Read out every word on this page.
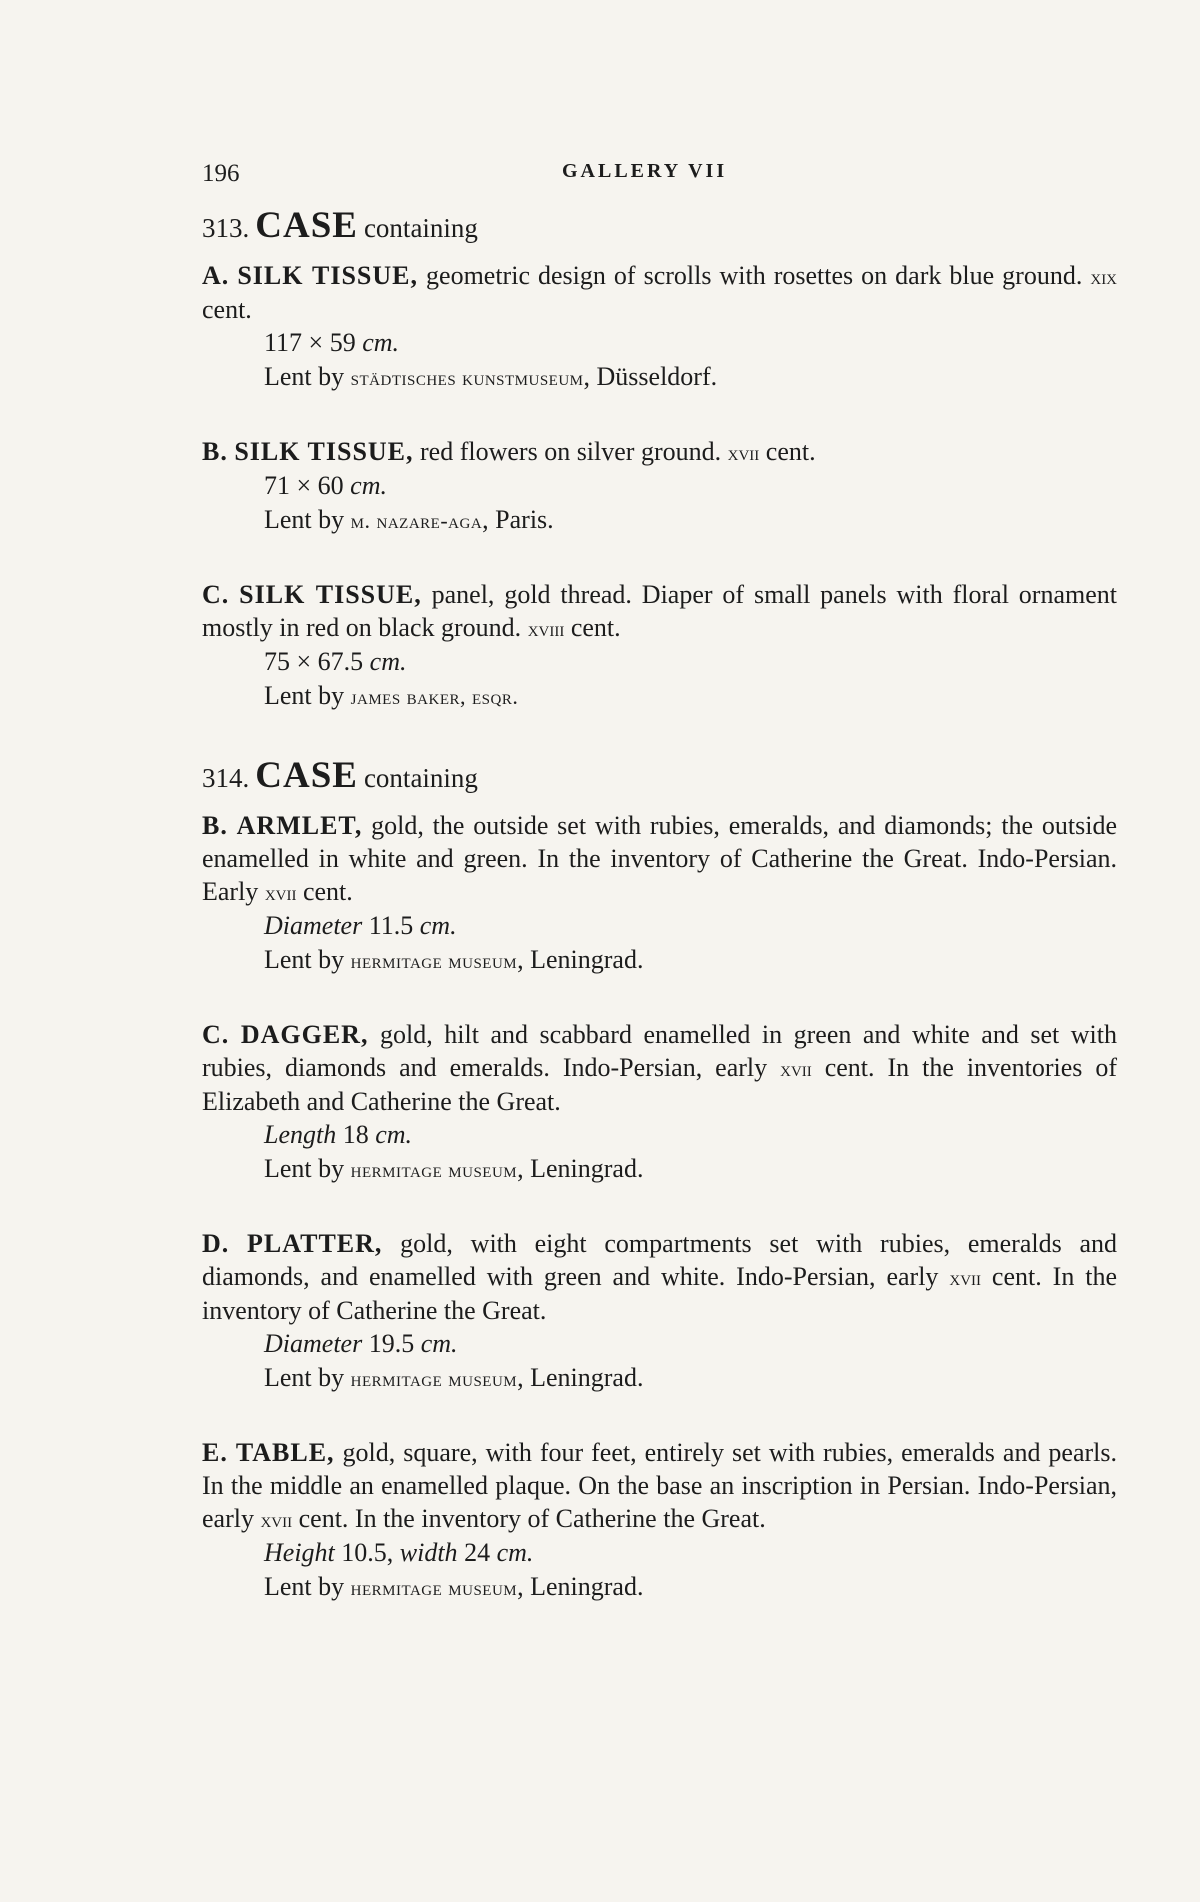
196	GALLERY VII
313. CASE containing

A. SILK TISSUE, geometric design of scrolls with rosettes on dark blue ground. xix cent.

117 × 59 cm.
Lent by städtisches kunstmuseum, Düsseldorf.

B. SILK TISSUE, red flowers on silver ground. xvii cent.

71 × 60 cm.
Lent by m. nazare-aga, Paris.

C. SILK TISSUE, panel, gold thread. Diaper of small panels with floral ornament mostly in red on black ground. xviii cent.

75 × 67.5 cm.
Lent by james baker, esqr.
314. CASE containing

B. ARMLET, gold, the outside set with rubies, emeralds, and diamonds; the outside enamelled in white and green. In the inventory of Catherine the Great. Indo-Persian. Early xvii cent.

Diameter 11.5 cm.
Lent by hermitage museum, Leningrad.

C. DAGGER, gold, hilt and scabbard enamelled in green and white and set with rubies, diamonds and emeralds. Indo-Persian, early xvii cent. In the inventories of Elizabeth and Catherine the Great.

Length 18 cm.
Lent by hermitage museum, Leningrad.

D. PLATTER, gold, with eight compartments set with rubies, emeralds and diamonds, and enamelled with green and white. Indo-Persian, early xvii cent. In the inventory of Catherine the Great.

Diameter 19.5 cm.
Lent by hermitage museum, Leningrad.

E. TABLE, gold, square, with four feet, entirely set with rubies, emeralds and pearls. In the middle an enamelled plaque. On the base an inscription in Persian. Indo-Persian, early xvii cent. In the inventory of Catherine the Great.

Height 10.5, width 24 cm.
Lent by hermitage museum, Leningrad.
